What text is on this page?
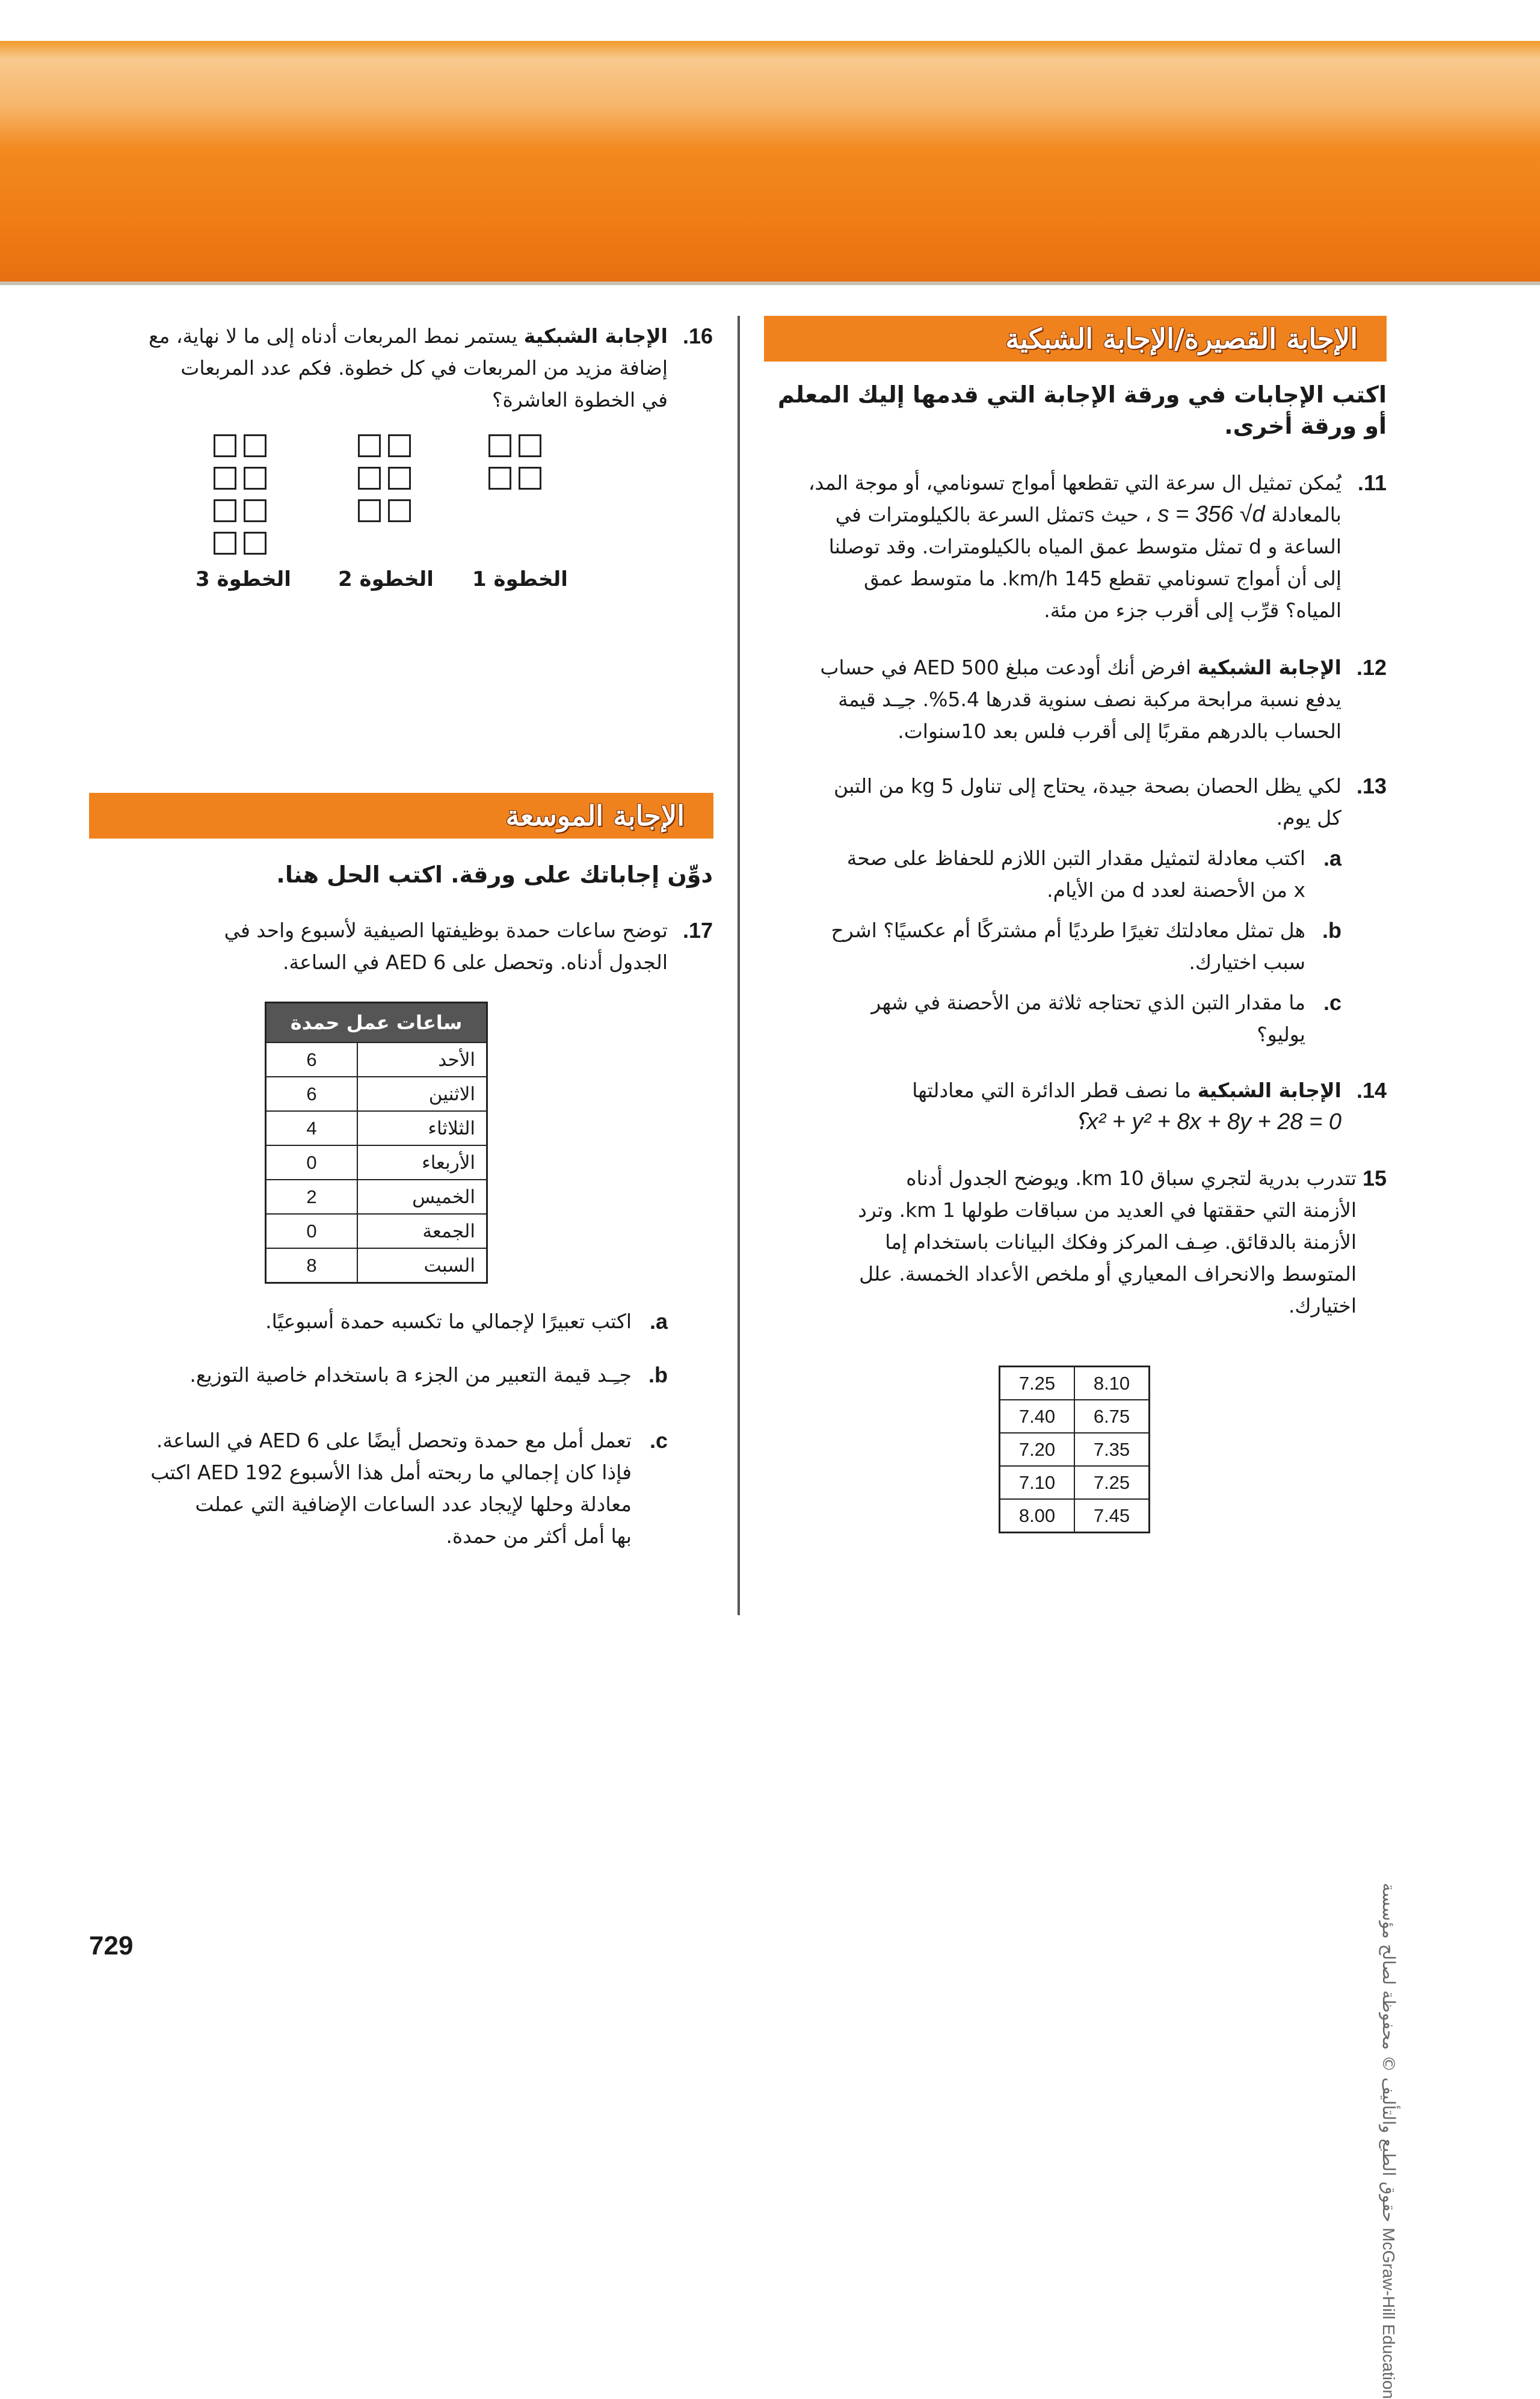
الإجابة القصيرة/الإجابة الشبكية

اكتب الإجابات في ورقة الإجابة التي قدمها إليك المعلم أو ورقة أخرى.

11.
يُمكن تمثيل ال سرعة التي تقطعها أمواج تسونامي، أو موجة المد،
بالمعادلة s = 356 √d ، حيث sتمثل السرعة بالكيلومترات في
الساعة و d تمثل متوسط عمق المياه بالكيلومترات. وقد توصلنا
إلى أن أمواج تسونامي تقطع 145 km/h. ما متوسط عمق
المياه؟ قرِّب إلى أقرب جزء من مئة.
12.
الإجابة الشبكية افرض أنك أودعت مبلغ AED 500 في حساب
يدفع نسبة مرابحة مركبة نصف سنوية قدرها 5.4%. جـِـد قيمة
الحساب بالدرهم مقربًا إلى أقرب فلس بعد 10سنوات.
13.
لكي يظل الحصان بصحة جيدة، يحتاج إلى تناول 5 kg من التبن
كل يوم.
a.
اكتب معادلة لتمثيل مقدار التبن اللازم للحفاظ على صحة
x من الأحصنة لعدد d من الأيام.
b.
هل تمثل معادلتك تغيرًا طرديًا أم مشتركًا أم عكسيًا؟ اشرح
سبب اختيارك.
c.
ما مقدار التبن الذي تحتاجه ثلاثة من الأحصنة في شهر
يوليو؟
14.
الإجابة الشبكية ما نصف قطر الدائرة التي معادلتها
x² + y² + 8x + 8y + 28 = 0؟
15
تتدرب بدرية لتجري سباق 10 km. ويوضح الجدول أدناه
الأزمنة التي حققتها في العديد من سباقات طولها 1 km. وترد
الأزمنة بالدقائق. صِـف المركز وفكك البيانات باستخدام إما
المتوسط والانحراف المعياري أو ملخص الأعداد الخمسة. علل
اختيارك.
7.25	8.10
7.40	6.75
7.20	7.35
7.10	7.25
8.00	7.45
16.
الإجابة الشبكية يستمر نمط المربعات أدناه إلى ما لا نهاية، مع
إضافة مزيد من المربعات في كل خطوة. فكم عدد المربعات
في الخطوة العاشرة؟
الخطوة 1
الخطوة 2
الخطوة 3
الإجابة الموسعة

دوِّن إجاباتك على ورقة. اكتب الحل هنا.

17.
توضح ساعات حمدة بوظيفتها الصيفية لأسبوع واحد في
الجدول أدناه. وتحصل على AED 6 في الساعة.
ساعات عمل حمدة	
الأحد	6
الاثنين	6
الثلاثاء	4
الأربعاء	0
الخميس	2
الجمعة	0
السبت	8
a.
اكتب تعبيرًا لإجمالي ما تكسبه حمدة أسبوعيًا.
b.
جـِـد قيمة التعبير من الجزء a باستخدام خاصية التوزيع.
c.
تعمل أمل مع حمدة وتحصل أيضًا على AED 6 في الساعة.
فإذا كان إجمالي ما ربحته أمل هذا الأسبوع AED 192 اكتب
معادلة وحلها لإيجاد عدد الساعات الإضافية التي عملت
بها أمل أكثر من حمدة.
McGraw-Hill Education حقوق الطبع والتأليف © محفوظة لصالح مؤسسة
729
